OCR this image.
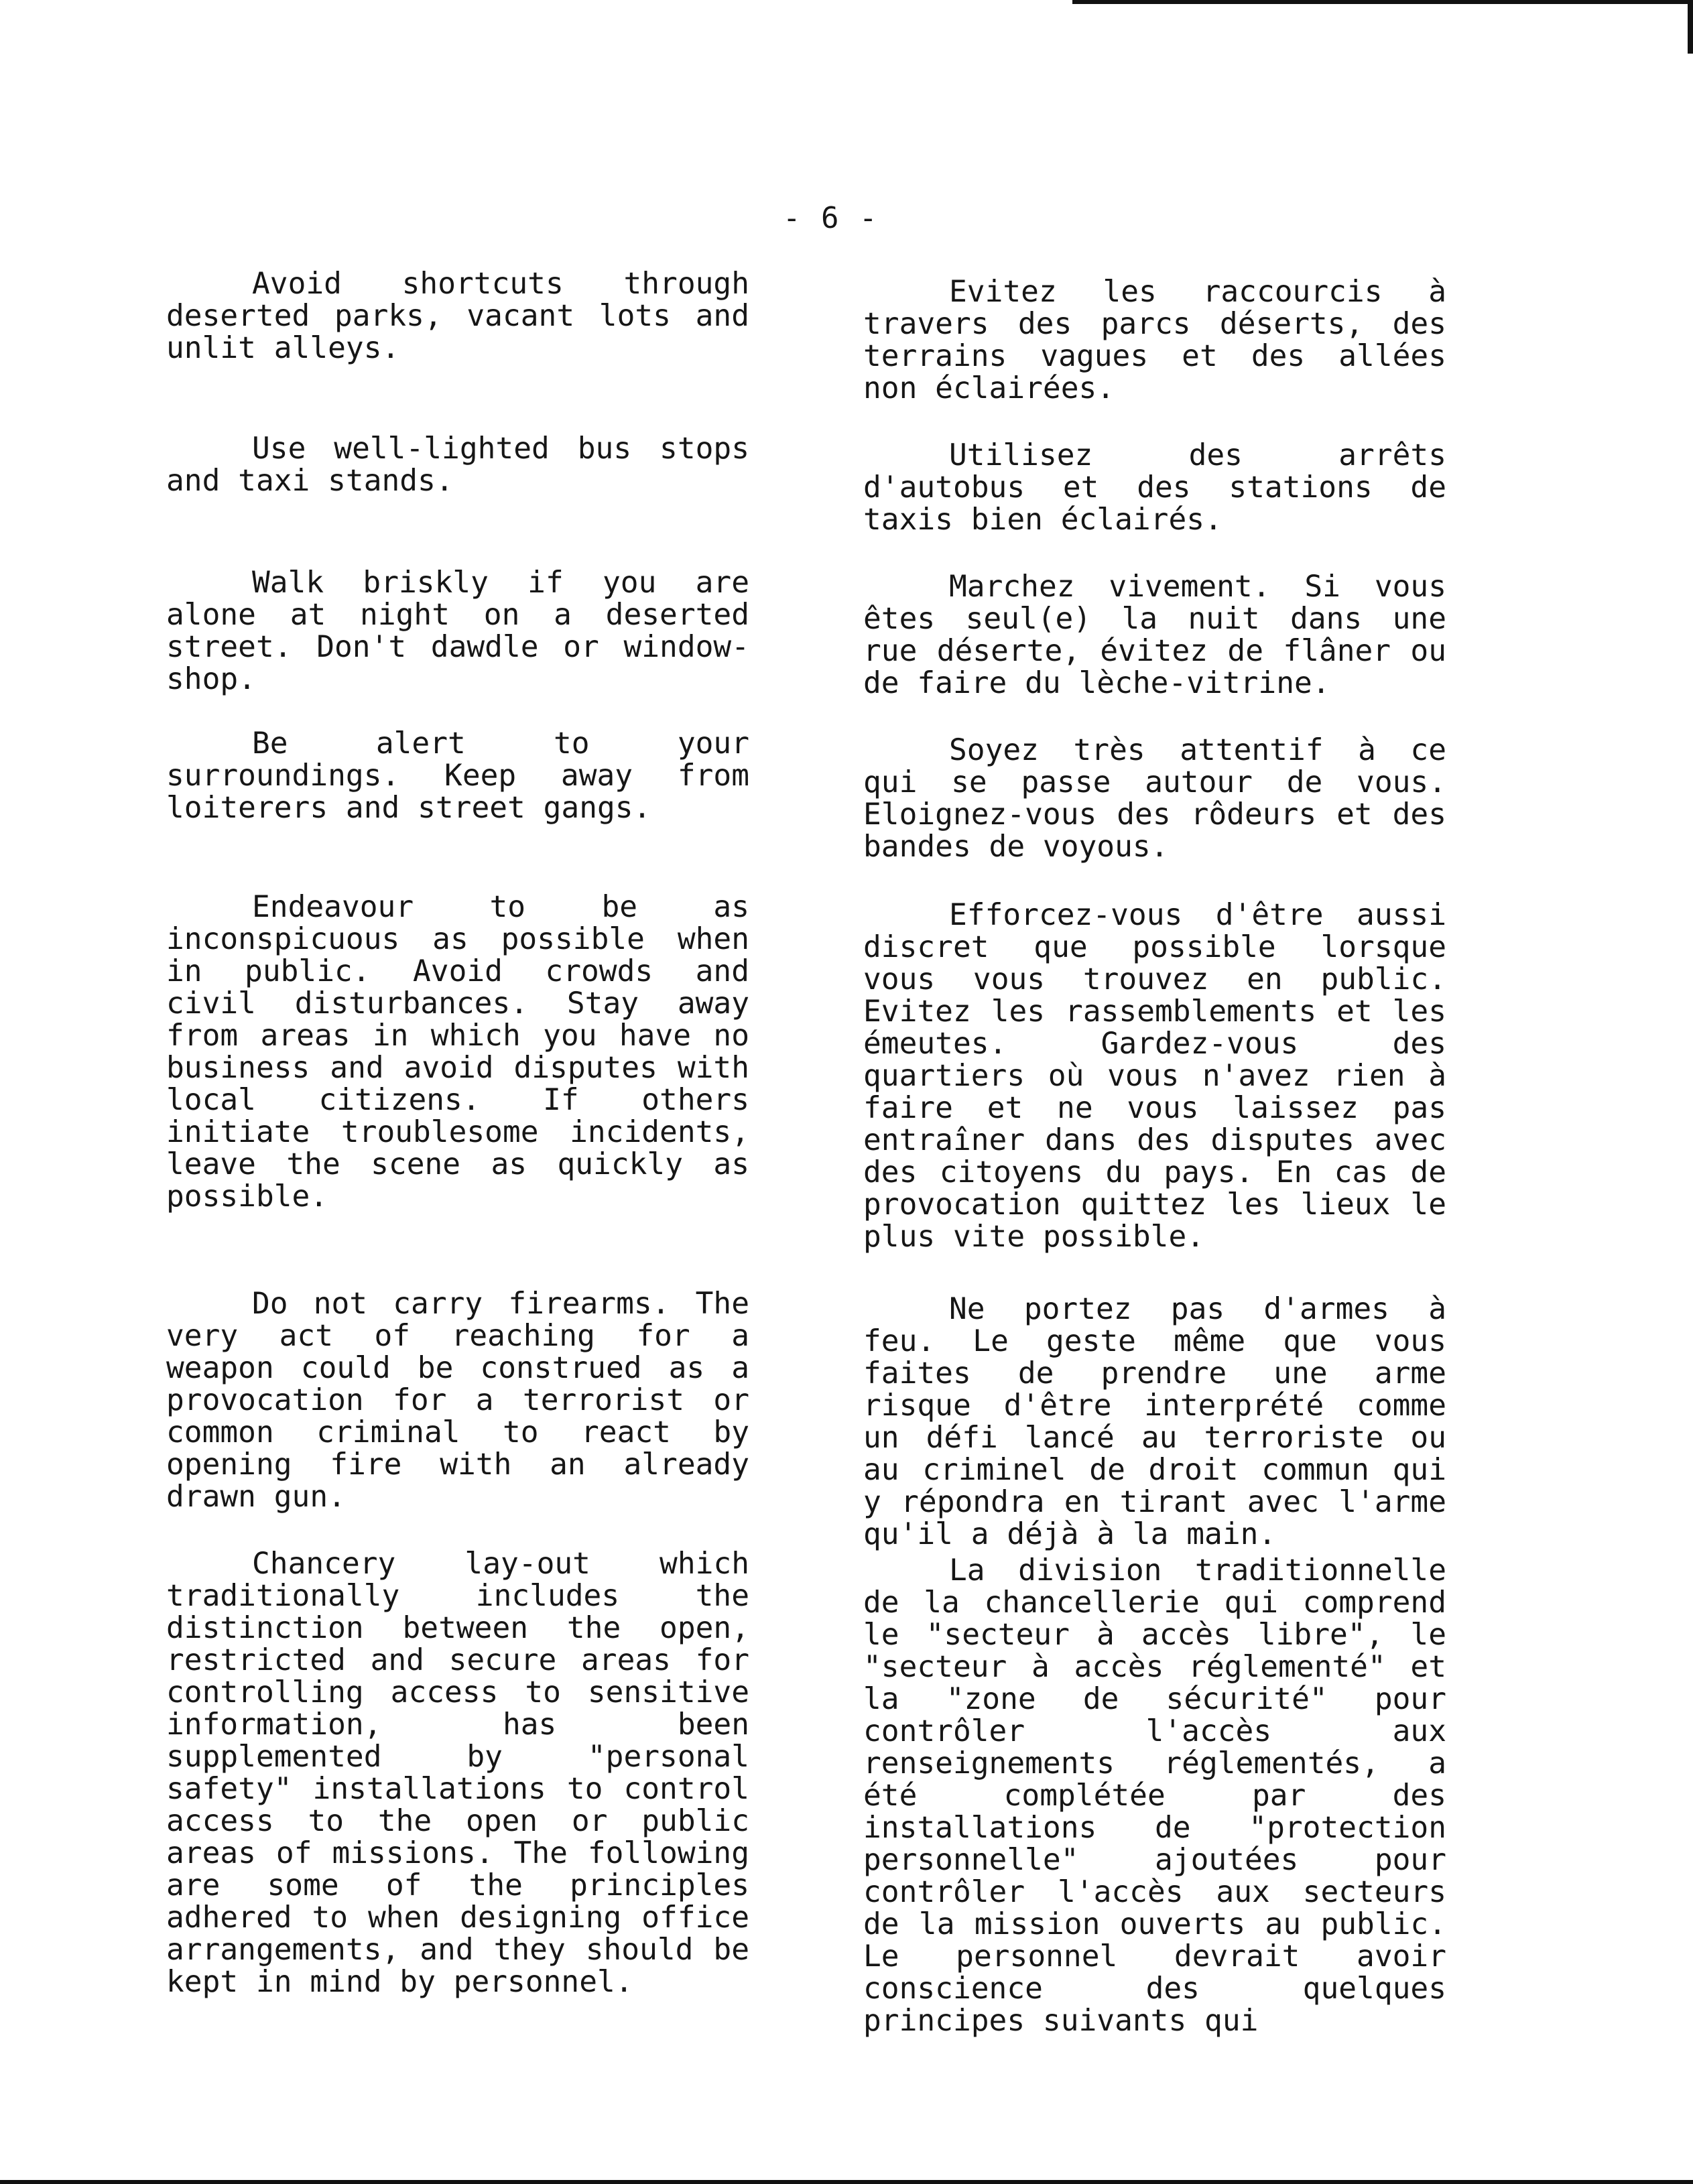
- 6 -

Avoid shortcuts through deserted parks, vacant lots and unlit alleys.

Use well-lighted bus stops and taxi stands.

Walk briskly if you are alone at night on a deserted street. Don't dawdle or window-shop.

Be alert to your surroundings. Keep away from loiterers and street gangs.

Endeavour to be as inconspicuous as possible when in public. Avoid crowds and civil disturbances. Stay away from areas in which you have no business and avoid disputes with local citizens. If others initiate troublesome incidents, leave the scene as quickly as possible.

Do not carry firearms. The very act of reaching for a weapon could be construed as a provocation for a terrorist or common criminal to react by opening fire with an already drawn gun.

Chancery lay-out which traditionally includes the distinction between the open, restricted and secure areas for controlling access to sensitive information, has been supplemented by "personal safety" installations to control access to the open or public areas of missions. The following are some of the principles adhered to when designing office arrangements, and they should be kept in mind by personnel.

Evitez les raccourcis à travers des parcs déserts, des terrains vagues et des allées non éclairées.

Utilisez des arrêts d'autobus et des stations de taxis bien éclairés.

Marchez vivement. Si vous êtes seul(e) la nuit dans une rue déserte, évitez de flâner ou de faire du lèche-vitrine.

Soyez très attentif à ce qui se passe autour de vous. Eloignez-vous des rôdeurs et des bandes de voyous.

Efforcez-vous d'être aussi discret que possible lorsque vous vous trouvez en public. Evitez les rassemblements et les émeutes. Gardez-vous des quartiers où vous n'avez rien à faire et ne vous laissez pas entraîner dans des disputes avec des citoyens du pays. En cas de provocation quittez les lieux le plus vite possible.

Ne portez pas d'armes à feu. Le geste même que vous faites de prendre une arme risque d'être interprété comme un défi lancé au terroriste ou au criminel de droit commun qui y répondra en tirant avec l'arme qu'il a déjà à la main.

La division traditionnelle de la chancellerie qui comprend le "secteur à accès libre", le "secteur à accès réglementé" et la "zone de sécurité" pour contrôler l'accès aux renseignements réglementés, a été complétée par des installations de "protection personnelle" ajoutées pour contrôler l'accès aux secteurs de la mission ouverts au public. Le personnel devrait avoir conscience des quelques principes suivants qui
